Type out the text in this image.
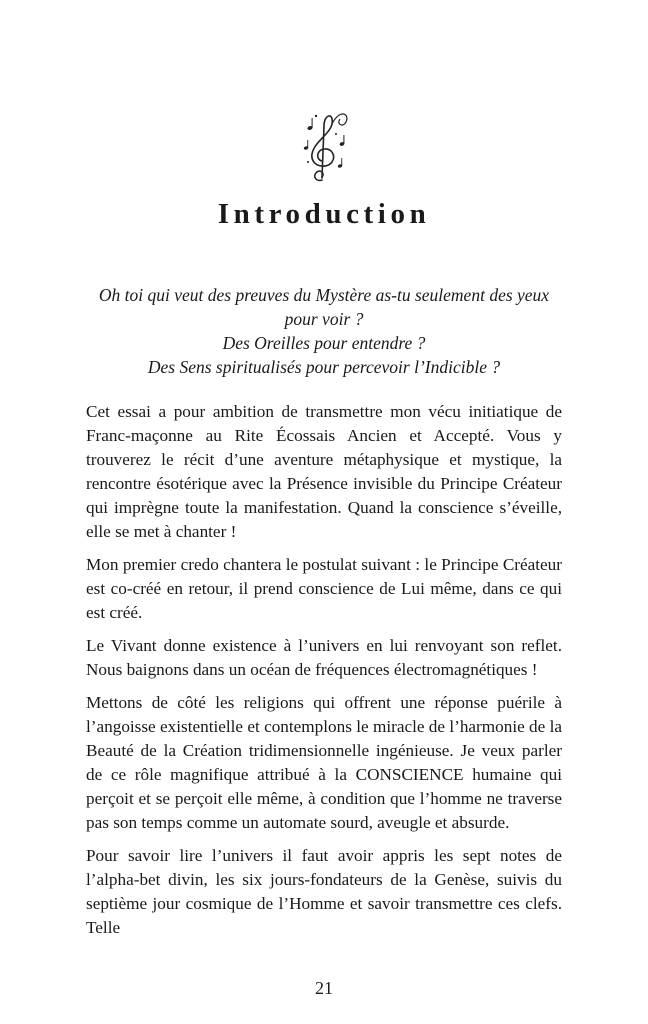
Introduction
Oh toi qui veut des preuves du Mystère as-tu seulement des yeux
pour voir ?
Des Oreilles pour entendre ?
Des Sens spiritualisés pour percevoir l’Indicible ?

Cet essai a pour ambition de transmettre mon vécu initiatique de Franc-maçonne au Rite Écossais Ancien et Accepté. Vous y trouverez le récit d’une aventure métaphysique et mystique, la rencontre ésotérique avec la Présence invisible du Principe Créateur qui imprègne toute la manifestation. Quand la conscience s’éveille, elle se met à chanter !

Mon premier credo chantera le postulat suivant : le Principe Créateur est co-créé en retour, il prend conscience de Lui même, dans ce qui est créé.

Le Vivant donne existence à l’univers en lui renvoyant son reflet. Nous baignons dans un océan de fréquences électromagnétiques !

Mettons de côté les religions qui offrent une réponse puérile à l’angoisse existentielle et contemplons le miracle de l’harmonie de la Beauté de la Création tridimensionnelle ingénieuse. Je veux parler de ce rôle magnifique attribué à la CONSCIENCE humaine qui perçoit et se perçoit elle même, à condition que l’homme ne traverse pas son temps comme un automate sourd, aveugle et absurde.

Pour savoir lire l’univers il faut avoir appris les sept notes de l’alpha-bet divin, les six jours-fondateurs de la Genèse, suivis du septième jour cosmique de l’Homme et savoir transmettre ces clefs. Telle

21
